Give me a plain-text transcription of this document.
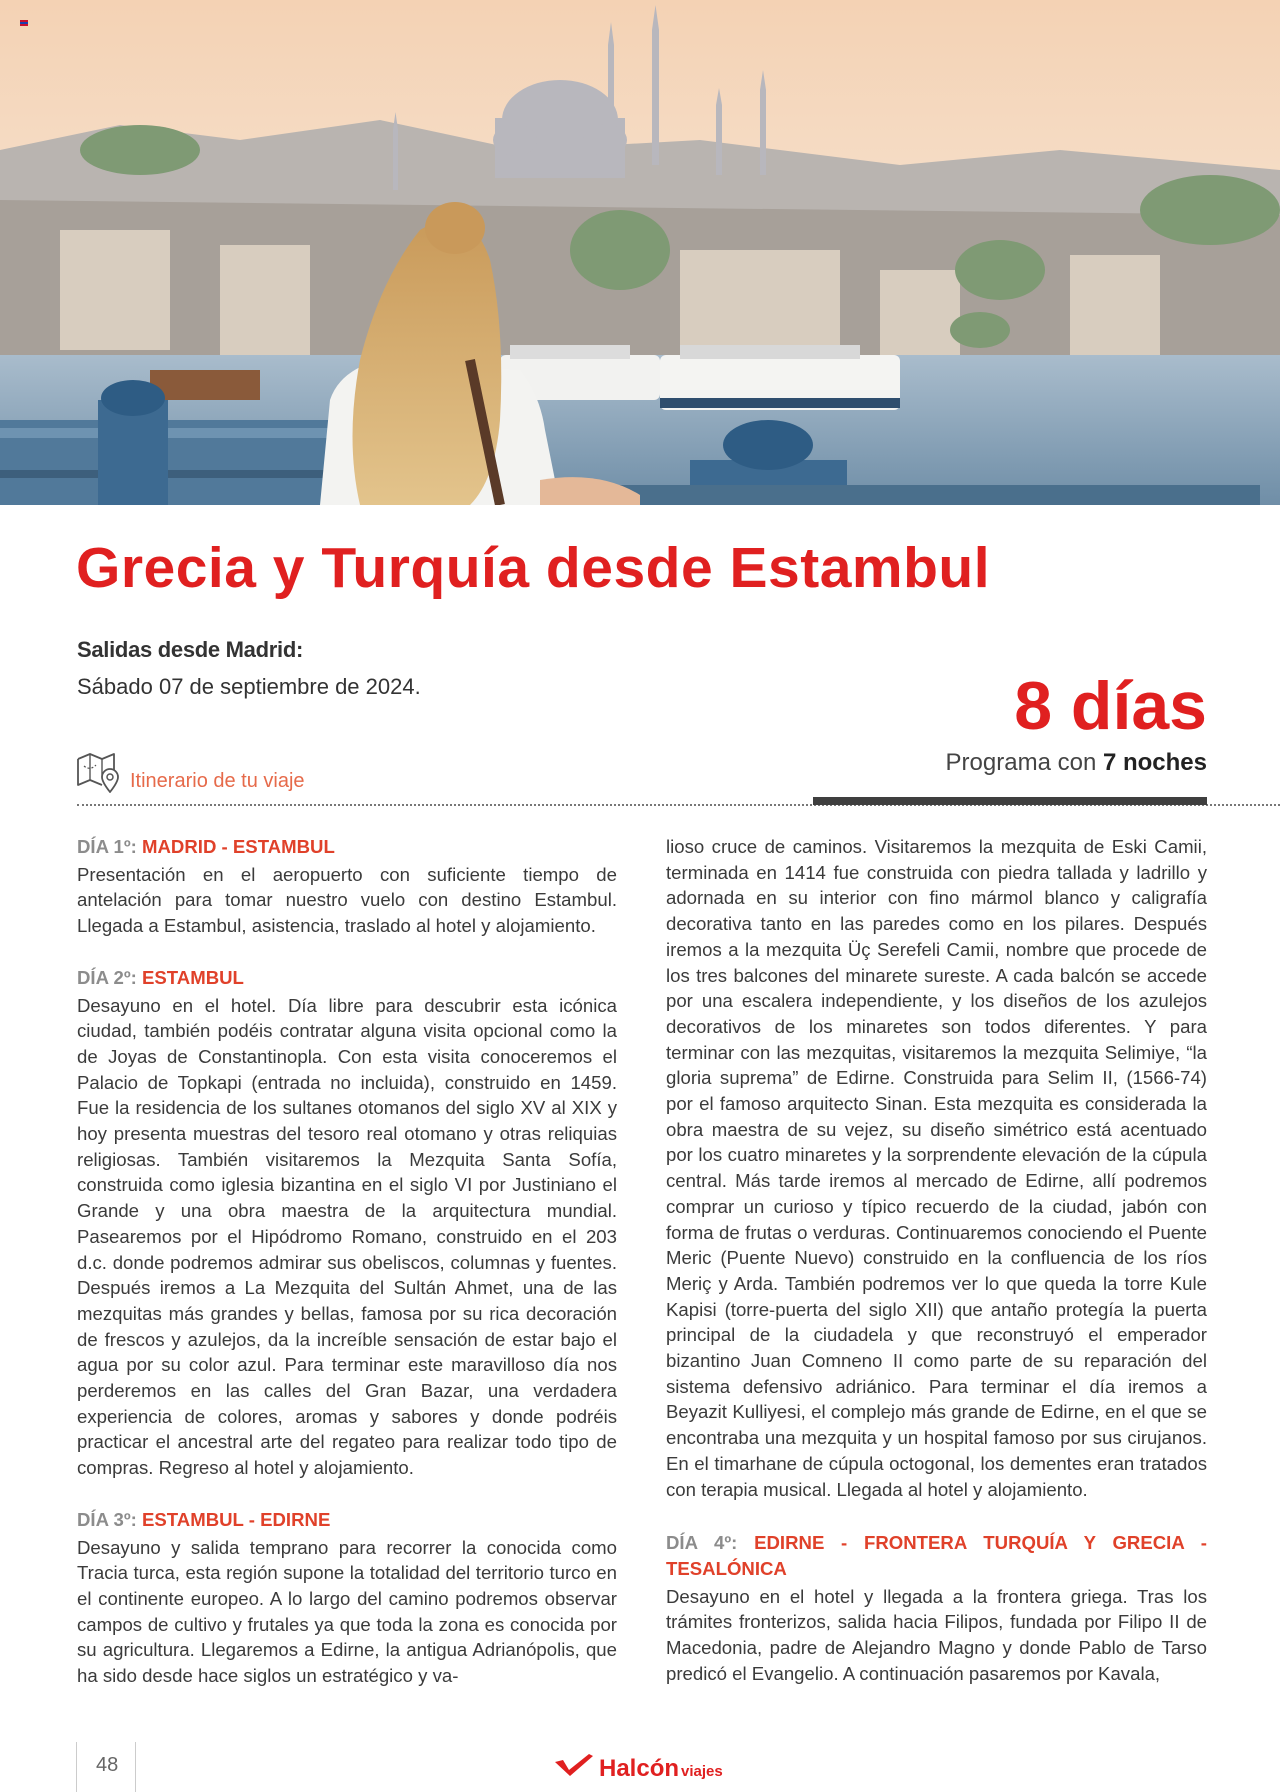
Grecia y Turquía desde Estambul
Salidas desde Madrid:
Sábado 07 de septiembre de 2024.	8 días
Programa con 7 noches
Itinerario de tu viaje
DÍA 1º: MADRID - ESTAMBUL

Presentación en el aeropuerto con suficiente tiempo de antelación para tomar nuestro vuelo con destino Estambul. Llegada a Estambul, asistencia, traslado al hotel y alojamiento.

DÍA 2º: ESTAMBUL

Desayuno en el hotel. Día libre para descubrir esta icónica ciudad, también podéis contratar alguna visita opcional como la de Joyas de Constantinopla. Con esta visita conoceremos el Palacio de Topkapi (entrada no incluida), construido en 1459. Fue la residencia de los sultanes otomanos del siglo XV al XIX y hoy presenta muestras del tesoro real otomano y otras reliquias religiosas. También visitaremos la Mezquita Santa Sofía, construida como iglesia bizantina en el siglo VI por Justiniano el Grande y una obra maestra de la arquitectura mundial. Pasearemos por el Hipódromo Romano, construido en el 203 d.c. donde podremos admirar sus obeliscos, columnas y fuentes. Después iremos a La Mezquita del Sultán Ahmet, una de las mezquitas más grandes y bellas, famosa por su rica decoración de frescos y azulejos, da la increíble sensación de estar bajo el agua por su color azul. Para terminar este maravilloso día nos perderemos en las calles del Gran Bazar, una verdadera experiencia de colores, aromas y sabores y donde podréis practicar el ancestral arte del regateo para realizar todo tipo de compras. Regreso al hotel y alojamiento.

DÍA 3º: ESTAMBUL - EDIRNE

Desayuno y salida temprano para recorrer la conocida como Tracia turca, esta región supone la totalidad del territorio turco en el continente europeo. A lo largo del camino podremos observar campos de cultivo y frutales ya que toda la zona es conocida por su agricultura. Llegaremos a Edirne, la antigua Adrianópolis, que ha sido desde hace siglos un estratégico y va-

lioso cruce de caminos. Visitaremos la mezquita de Eski Camii, terminada en 1414 fue construida con piedra tallada y ladrillo y adornada en su interior con fino mármol blanco y caligrafía decorativa tanto en las paredes como en los pilares. Después iremos a la mezquita Üç Serefeli Camii, nombre que procede de los tres balcones del minarete sureste. A cada balcón se accede por una escalera independiente, y los diseños de los azulejos decorativos de los minaretes son todos diferentes. Y para terminar con las mezquitas, visitaremos la mezquita Selimiye, “la gloria suprema” de Edirne. Construida para Selim II, (1566-74) por el famoso arquitecto Sinan. Esta mezquita es considerada la obra maestra de su vejez, su diseño simétrico está acentuado por los cuatro minaretes y la sorprendente elevación de la cúpula central. Más tarde iremos al mercado de Edirne, allí podremos comprar un curioso y típico recuerdo de la ciudad, jabón con forma de frutas o verduras. Continuaremos conociendo el Puente Meric (Puente Nuevo) construido en la confluencia de los ríos Meriç y Arda. También podremos ver lo que queda la torre Kule Kapisi (torre-puerta del siglo XII) que antaño protegía la puerta principal de la ciudadela y que reconstruyó el emperador bizantino Juan Comneno II como parte de su reparación del sistema defensivo adriánico. Para terminar el día iremos a Beyazit Kulliyesi, el complejo más grande de Edirne, en el que se encontraba una mezquita y un hospital famoso por sus cirujanos. En el timarhane de cúpula octogonal, los dementes eran tratados con terapia musical. Llegada al hotel y alojamiento.

DÍA 4º: EDIRNE - FRONTERA TURQUÍA Y GRECIA - TESALÓNICA

Desayuno en el hotel y llegada a la frontera griega. Tras los trámites fronterizos, salida hacia Filipos, fundada por Filipo II de Macedonia, padre de Alejandro Magno y donde Pablo de Tarso predicó el Evangelio. A continuación pasaremos por Kavala,

48	Halcón viajes
